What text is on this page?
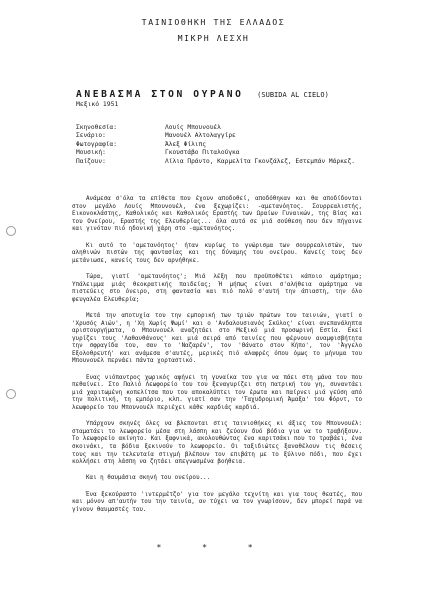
ΤΑΙΝΙΟΘΗΚΗ ΤΗΣ ΕΛΛΑΔΟΣ
ΜΙΚΡΗ ΛΕΣΧΗ
ΑΝΕΒΑΣΜΑ ΣΤΟΝ ΟΥΡΑΝΟ (SUBIDA AL CIELO)
Μεξικό 1951
Σκηνοθεσία:	Λουίς Μπουνουέλ
Σενάριο:	Μανουέλ Αλτολαγγίρε
Φωτογραφία:	Άλεξ Φίλιπς
Μουσική:	Γκουστάβο Πιταλούγκα
Παίζουν:	Λίλια Πράντο, Καρμελίτα Γκονζάλεζ, Εστεμπάν Μάρκεζ.

Ανάμεσα σ'όλα τα επίθετα που έχουν αποδοθεί, αποδόθηκαν και θα αποδίδονται στον μεγάλο Λουίς Μπουνουέλ, ένα ξεχωρίζει: -αμετανόητος. Σουρρεαλιστής, Εικονοκλάστης, Καθολικός και Καθολικός Εραστής των Ωραίων Γυναικών, της Βίας και του Ονείρου, Εραστής της Ελευθερίας... όλα αυτά σε μιά σούθεση που δεν πήγαινε και γινόταν πιό ηδονική χάρη στο -αμετανόητος.

Κι αυτό το 'αμετανόητος' ήταν κυρίως το γνώρισμα των σουρρεαλιστών, των αληθινών πιστών της φαντασίας και της δύναμης του ονείρου. Κανείς τους δεν μετάνιωσε, κανείς τους δεν αρνήθηκε.

Τώρα, γιατί 'αμετανόητος'; Μιά λέξη που προϋποθέτει κάποιο αμάρτημα; Υπάλειμμα μιάς θεοκρατικής παιδείας; Ή μήπως είναι σ'αλήθεια αμάρτημα να πιστεύεις στο όνειρο, στη φαντασία και πιό πολύ σ'αυτή την άπιαστη, την όλο φευγαλέα Ελευθερία;

Μετά την αποτυχία του την εμπορική των τριών πρώτων του ταινιών, γιατί ο 'Χρυσός Αιών', η 'Χη Χωρίς Ψωμί' και ο 'Ανδαλουσιανός Σκύλος' είναι ανεπανάληπτα αριστουργήματα, ο Μπουνουέλ αναζητάει στο Μεξικό μιά προσωρινή Εστία. Εκεί γυρίζει τους 'Λαθανθάνους' και μιά σειρά από ταινίες που φέρνουν αναμφισβήτητα την σφραγίδα του, σαν το 'Ναζαρέν', τον 'Θάνατο στον Κήπο', τον 'Άγγελο Εξολοθρευτή' και ανάμεσα σ'αυτές, μερικές πιό αλαφρές όπου όμως το μήνυμα του Μπουνουέλ περνάει πάντα χορταστικό.

Ενας νιόπαντρος χωρικός αφήνει τη γυναίκα του για να πάει στη μάνα του που πεθαίνει. Στο Παλιό Λεωφορείο του του ξεναγυρίζει στη πατρική του γη, συναντάει μιά χαριτωμένη κοπελίτσα που του αποκαλύπτει τον έρωτα και παίρνει μιά γεύση από την πολιτική, τη εμπόριο, κλπ. γιατί σαν την 'Ταχυδρομική Άμαξα' του Φόρντ, το λεωφορείο του Μπουνουέλ περιέχει κάθε καρδιάς καρδιά.

Υπάρχουν σκηνές όλες να βλεπονται στις ταινιοθήκες κι άξιες του Μπουνουέλ: σταματάει το λεωφορείο μέσα στη λάσπη και ζεύουν δυό βόδια για να το τραβήξουν. Το λεωφορείο ακίνητο. Και ξαφνικά, ακολουθώντας ένα καριτσάκι που το τραβάει, ένα σκοινάκι, τα βόδια ξεκινούν το λεωφορείο. Οι ταξιδιώτες ξαναθέλουν τις θέσεις τους και την τελευταία στιγμή βλέπουν τον επιβάτη με το ξύλινο πόδι, που έχει κολλήσει στη λάσπη να ζητάει απεγνωσμένα βοήθεια.

Και η θαυμάσια σκηνή του ονείρου...

Ένα ξεκούραστο 'ιντερμέτζο' για τον μεγάλο τεχνίτη και για τους θεατές, που και μόνον απ'αυτήν του την ταινία, αν τύχει να τον γνωρίσουν, δεν μπορεί παρά να γίνουν θαυμαστές του.

* * *
